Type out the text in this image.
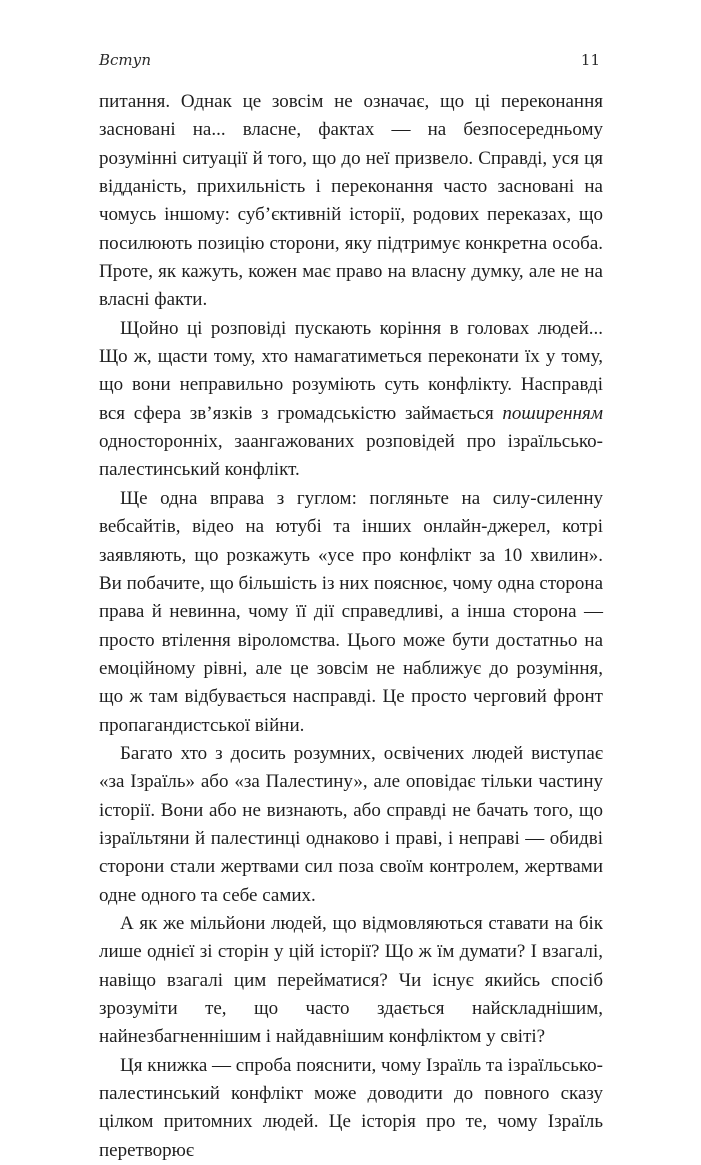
Вступ	11

питання. Однак це зовсім не означає, що ці переконання засновані на... власне, фактах — на безпосередньому розумінні ситуації й того, що до неї призвело. Справді, уся ця відданість, прихильність і переконання часто засновані на чомусь іншому: суб’єктивній історії, родових переказах, що посилюють позицію сторони, яку підтримує конкретна особа. Проте, як кажуть, кожен має право на власну думку, але не на власні факти.

Щойно ці розповіді пускають коріння в головах людей... Що ж, щасти тому, хто намагатиметься переконати їх у тому, що вони неправильно розуміють суть конфлікту. Насправді вся сфера зв’язків з громадськістю займається поширенням односторонніх, заангажованих розповідей про ізраїльсько-палестинський конфлікт.

Ще одна вправа з гуглом: погляньте на силу-силенну вебсайтів, відео на ютубі та інших онлайн-джерел, котрі заявляють, що розкажуть «усе про конфлікт за 10 хвилин». Ви побачите, що більшість із них пояснює, чому одна сторона права й невинна, чому її дії справедливі, а інша сторона — просто втілення віроломства. Цього може бути достатньо на емоційному рівні, але це зовсім не наближує до розуміння, що ж там відбувається насправді. Це просто черговий фронт пропагандистської війни.

Багато хто з досить розумних, освічених людей виступає «за Ізраїль» або «за Палестину», але оповідає тільки частину історії. Вони або не визнають, або справді не бачать того, що ізраїльтяни й палестинці однаково і праві, і неправі — обидві сторони стали жертвами сил поза своїм контролем, жертвами одне одного та себе самих.

А як же мільйони людей, що відмовляються ставати на бік лише однієї зі сторін у цій історії? Що ж їм думати? І взагалі, навіщо взагалі цим перейматися? Чи існує якийсь спосіб зрозуміти те, що часто здається найскладнішим, найнезбагненнішим і найдавнішим конфліктом у світі?

Ця книжка — спроба пояснити, чому Ізраїль та ізраїльсько-палестинський конфлікт може доводити до повного сказу цілком притомних людей. Це історія про те, чому Ізраїль перетворює
